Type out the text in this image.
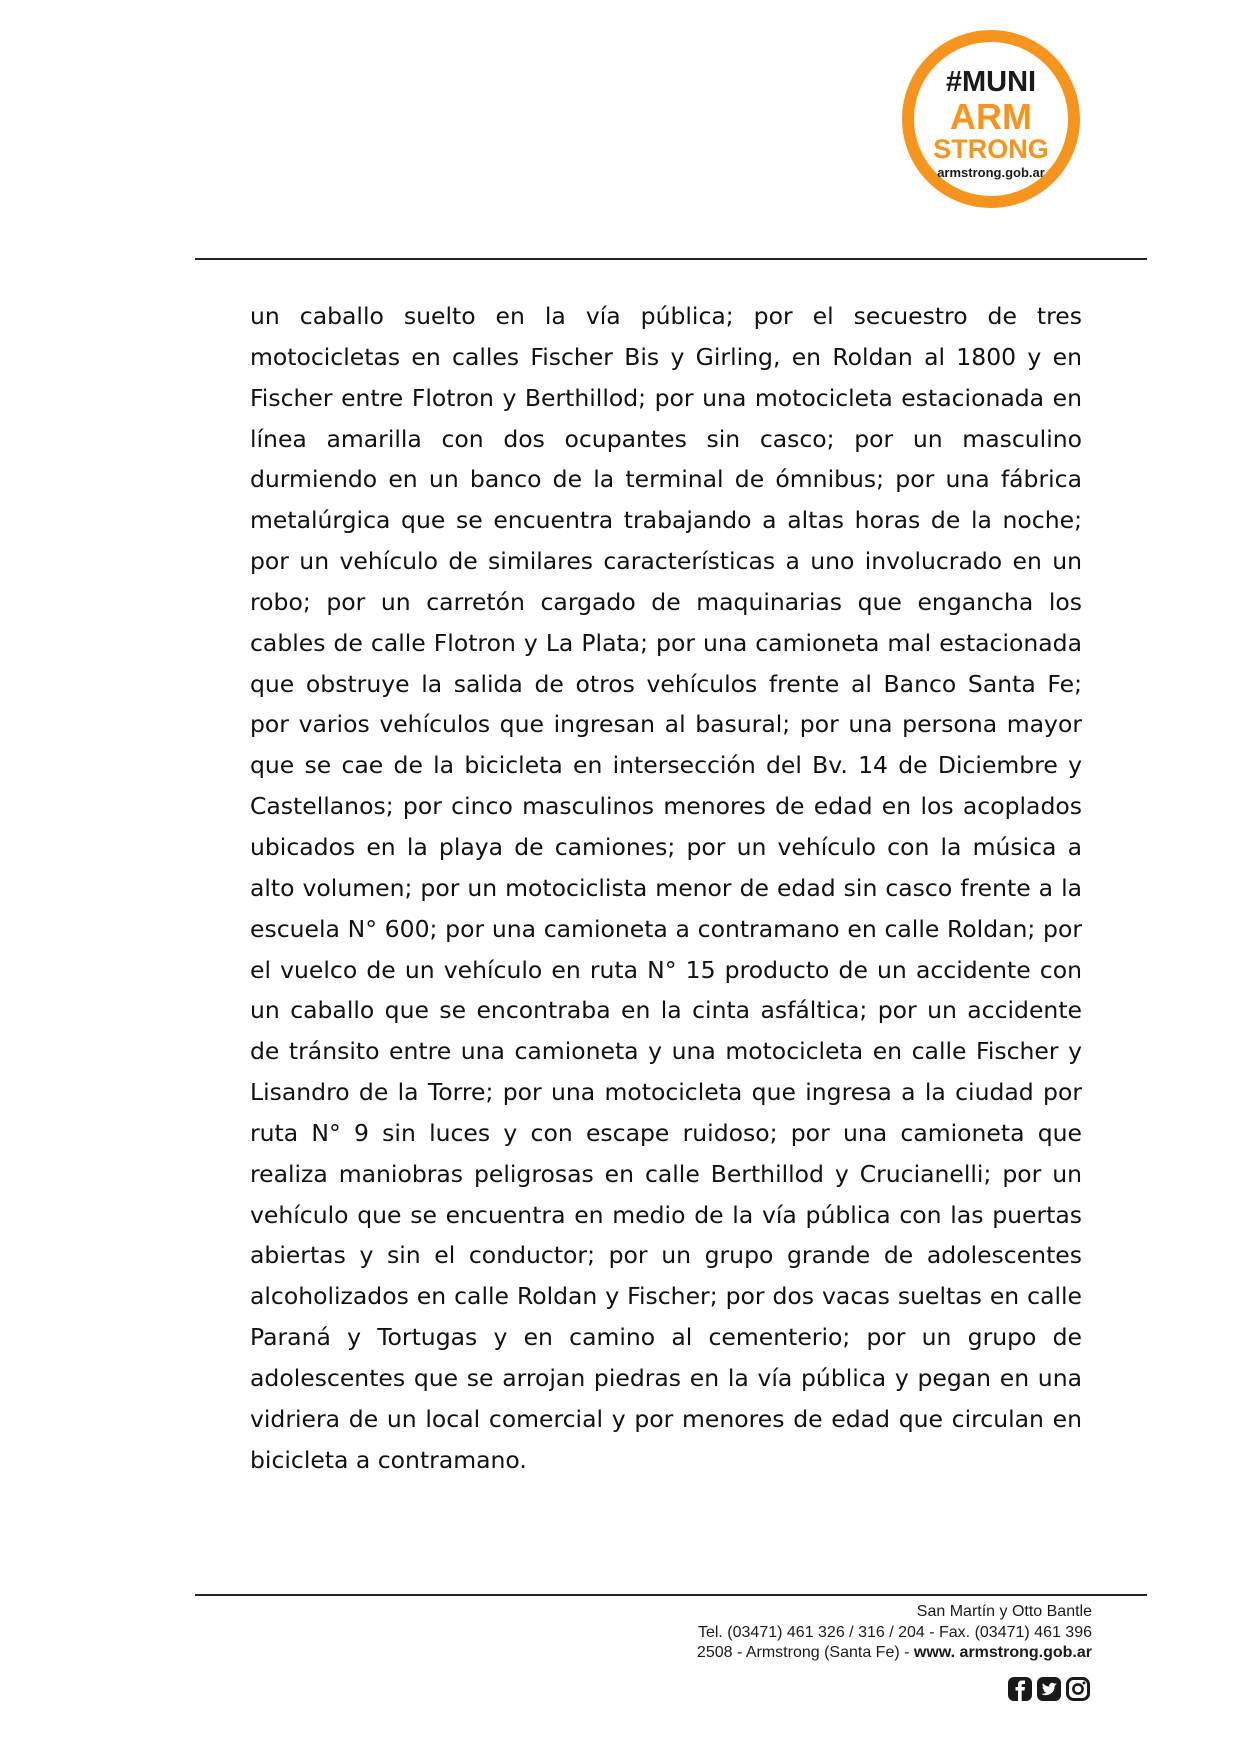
#MUNI
ARM
STRONG
armstrong.gob.ar

un caballo suelto en la vía pública; por el secuestro de tres motocicletas en calles Fischer Bis y Girling, en Roldan al 1800 y en Fischer entre Flotron y Berthillod; por una motocicleta estacionada en línea amarilla con dos ocupantes sin casco; por un masculino durmiendo en un banco de la terminal de ómnibus; por una fábrica metalúrgica que se encuentra trabajando a altas horas de la noche; por un vehículo de similares características a uno involucrado en un robo; por un carretón cargado de maquinarias que engancha los cables de calle Flotron y La Plata; por una camioneta mal estacionada que obstruye la salida de otros vehículos frente al Banco Santa Fe; por varios vehículos que ingresan al basural; por una persona mayor que se cae de la bicicleta en intersección del Bv. 14 de Diciembre y Castellanos; por cinco masculinos menores de edad en los acoplados ubicados en la playa de camiones; por un vehículo con la música a alto volumen; por un motociclista menor de edad sin casco frente a la escuela N° 600; por una camioneta a contramano en calle Roldan; por el vuelco de un vehículo en ruta N° 15 producto de un accidente con un caballo que se encontraba en la cinta asfáltica; por un accidente de tránsito entre una camioneta y una motocicleta en calle Fischer y Lisandro de la Torre; por una motocicleta que ingresa a la ciudad por ruta N° 9 sin luces y con escape ruidoso; por una camioneta que realiza maniobras peligrosas en calle Berthillod y Crucianelli; por un vehículo que se encuentra en medio de la vía pública con las puertas abiertas y sin el conductor; por un grupo grande de adolescentes alcoholizados en calle Roldan y Fischer; por dos vacas sueltas en calle Paraná y Tortugas y en camino al cementerio; por un grupo de adolescentes que se arrojan piedras en la vía pública y pegan en una vidriera de un local comercial y por menores de edad que circulan en bicicleta a contramano.

San Martín y Otto Bantle
Tel. (03471) 461 326 / 316 / 204 - Fax. (03471) 461 396
2508 - Armstrong (Santa Fe) - www. armstrong.gob.ar
